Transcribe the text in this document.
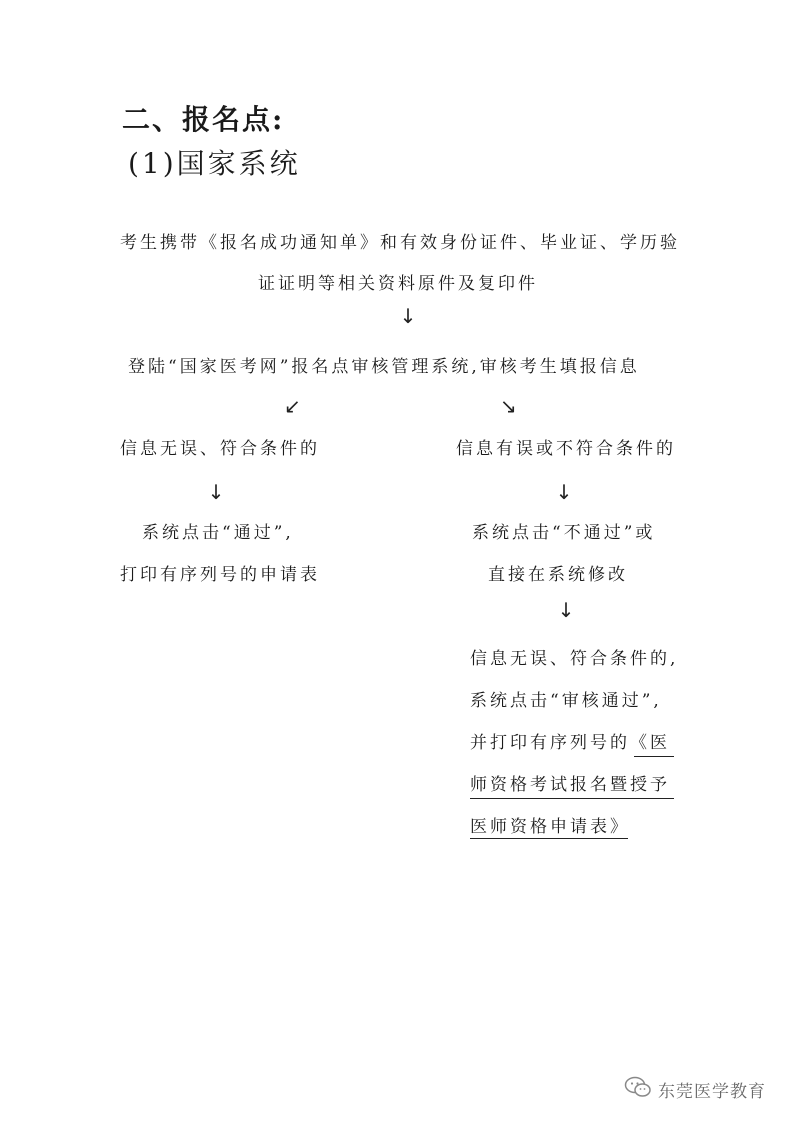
二、报名点:
(1)国家系统
考生携带《报名成功通知单》和有效身份证件、毕业证、学历验
证证明等相关资料原件及复印件
↓
登陆“国家医考网”报名点审核管理系统,审核考生填报信息
↙	↘
信息无误、符合条件的
↓
系统点击“通过”,
打印有序列号的申请表
信息有误或不符合条件的
↓
系统点击“不通过”或
直接在系统修改
↓
信息无误、符合条件的,
系统点击“审核通过”,
并打印有序列号的《医
师资格考试报名暨授予
医师资格申请表》
东莞医学教育
